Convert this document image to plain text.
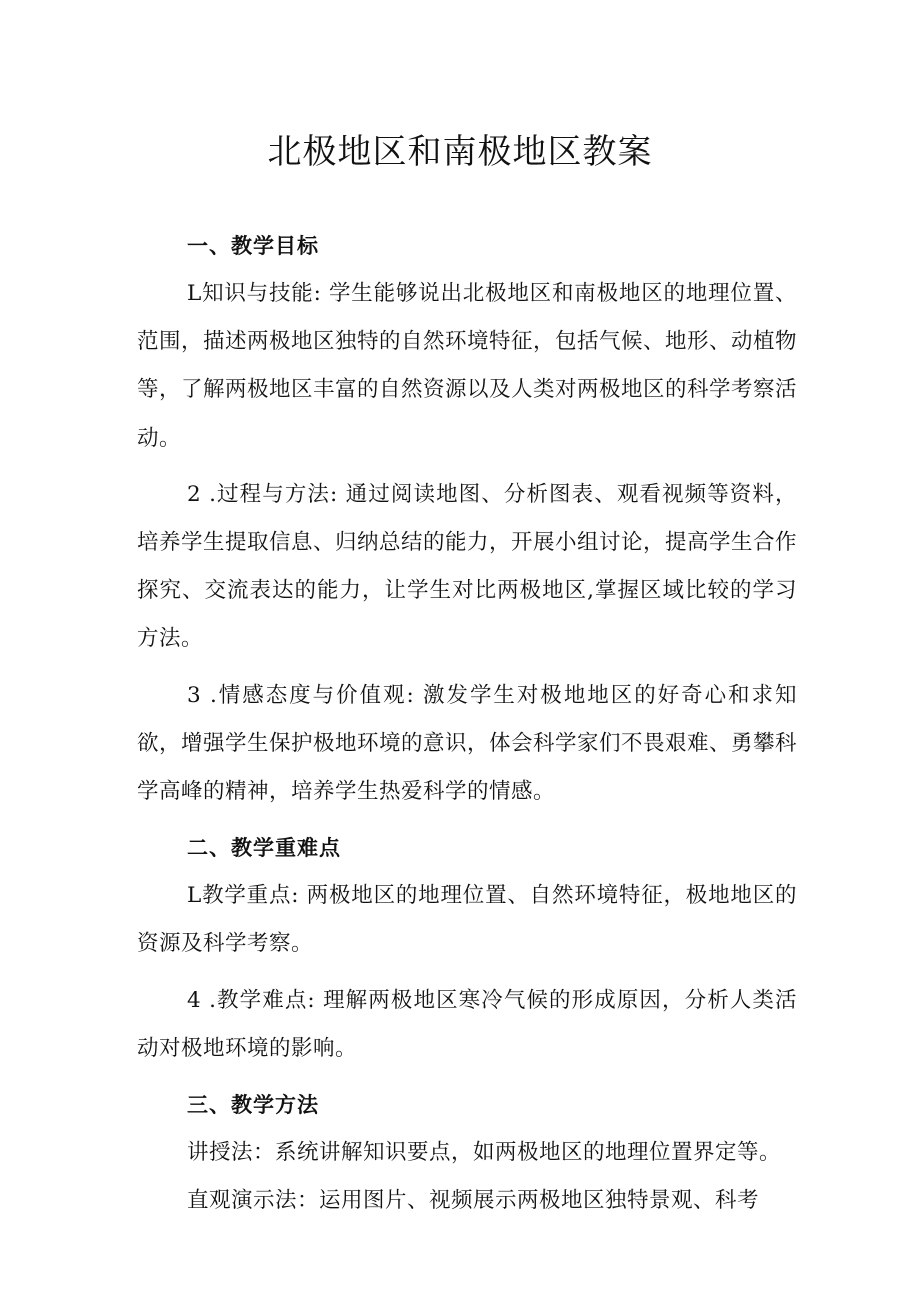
北极地区和南极地区教案
一、教学目标

L知识与技能: 学生能够说出北极地区和南极地区的地理位置、范围，描述两极地区独特的自然环境特征，包括气候、地形、动植物等，了解两极地区丰富的自然资源以及人类对两极地区的科学考察活动。

2 .过程与方法: 通过阅读地图、分析图表、观看视频等资料，培养学生提取信息、归纳总结的能力，开展小组讨论，提高学生合作探究、交流表达的能力，让学生对比两极地区,掌握区域比较的学习方法。

3 .情感态度与价值观: 激发学生对极地地区的好奇心和求知欲，增强学生保护极地环境的意识，体会科学家们不畏艰难、勇攀科学高峰的精神，培养学生热爱科学的情感。

二、教学重难点

L教学重点: 两极地区的地理位置、自然环境特征，极地地区的资源及科学考察。

4 .教学难点: 理解两极地区寒冷气候的形成原因，分析人类活动对极地环境的影响。

三、教学方法

讲授法：系统讲解知识要点，如两极地区的地理位置界定等。

直观演示法：运用图片、视频展示两极地区独特景观、科考
